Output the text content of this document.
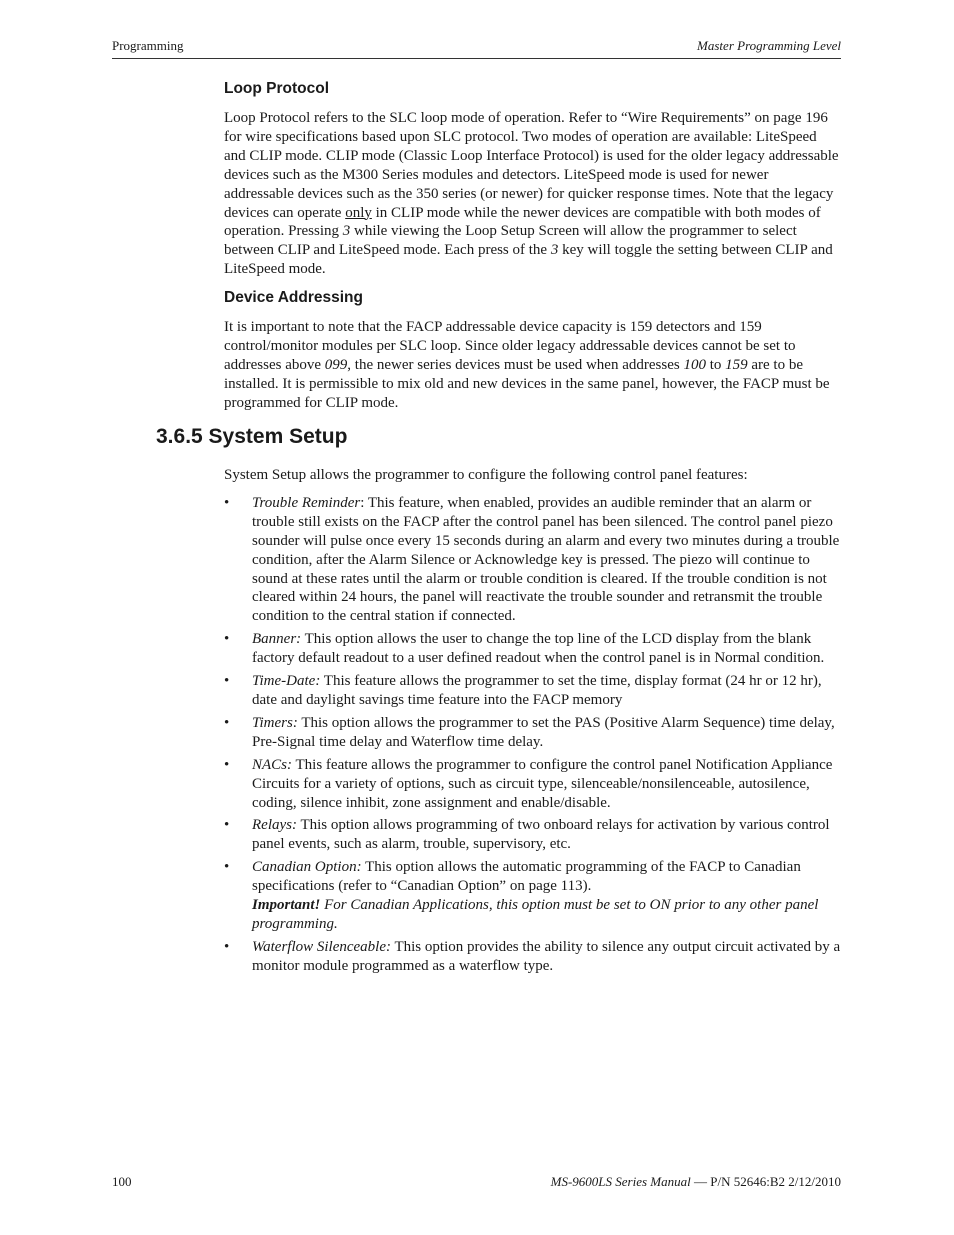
Programming	Master Programming Level
Loop Protocol

Loop Protocol refers to the SLC loop mode of operation. Refer to “Wire Requirements” on page 196 for wire specifications based upon SLC protocol. Two modes of operation are available: LiteSpeed and CLIP mode. CLIP mode (Classic Loop Interface Protocol) is used for the older legacy addressable devices such as the M300 Series modules and detectors. LiteSpeed mode is used for newer addressable devices such as the 350 series (or newer) for quicker response times. Note that the legacy devices can operate only in CLIP mode while the newer devices are compatible with both modes of operation. Pressing 3 while viewing the Loop Setup Screen will allow the programmer to select between CLIP and LiteSpeed mode. Each press of the 3 key will toggle the setting between CLIP and LiteSpeed mode.

Device Addressing

It is important to note that the FACP addressable device capacity is 159 detectors and 159 control/monitor modules per SLC loop. Since older legacy addressable devices cannot be set to addresses above 099, the newer series devices must be used when addresses 100 to 159 are to be installed. It is permissible to mix old and new devices in the same panel, however, the FACP must be programmed for CLIP mode.

3.6.5 System Setup

System Setup allows the programmer to configure the following control panel features:

• Trouble Reminder: This feature, when enabled, provides an audible reminder that an alarm or trouble still exists on the FACP after the control panel has been silenced. The control panel piezo sounder will pulse once every 15 seconds during an alarm and every two minutes during a trouble condition, after the Alarm Silence or Acknowledge key is pressed. The piezo will continue to sound at these rates until the alarm or trouble condition is cleared. If the trouble condition is not cleared within 24 hours, the panel will reactivate the trouble sounder and retransmit the trouble condition to the central station if connected.
• Banner: This option allows the user to change the top line of the LCD display from the blank factory default readout to a user defined readout when the control panel is in Normal condition.
• Time-Date: This feature allows the programmer to set the time, display format (24 hr or 12 hr), date and daylight savings time feature into the FACP memory
• Timers: This option allows the programmer to set the PAS (Positive Alarm Sequence) time delay, Pre-Signal time delay and Waterflow time delay.
• NACs: This feature allows the programmer to configure the control panel Notification Appliance Circuits for a variety of options, such as circuit type, silenceable/nonsilenceable, autosilence, coding, silence inhibit, zone assignment and enable/disable.
• Relays: This option allows programming of two onboard relays for activation by various control panel events, such as alarm, trouble, supervisory, etc.
• Canadian Option: This option allows the automatic programming of the FACP to Canadian specifications (refer to “Canadian Option” on page 113).
Important! For Canadian Applications, this option must be set to ON prior to any other panel programming.
• Waterflow Silenceable: This option provides the ability to silence any output circuit activated by a monitor module programmed as a waterflow type.
100	MS-9600LS Series Manual — P/N 52646:B2 2/12/2010
